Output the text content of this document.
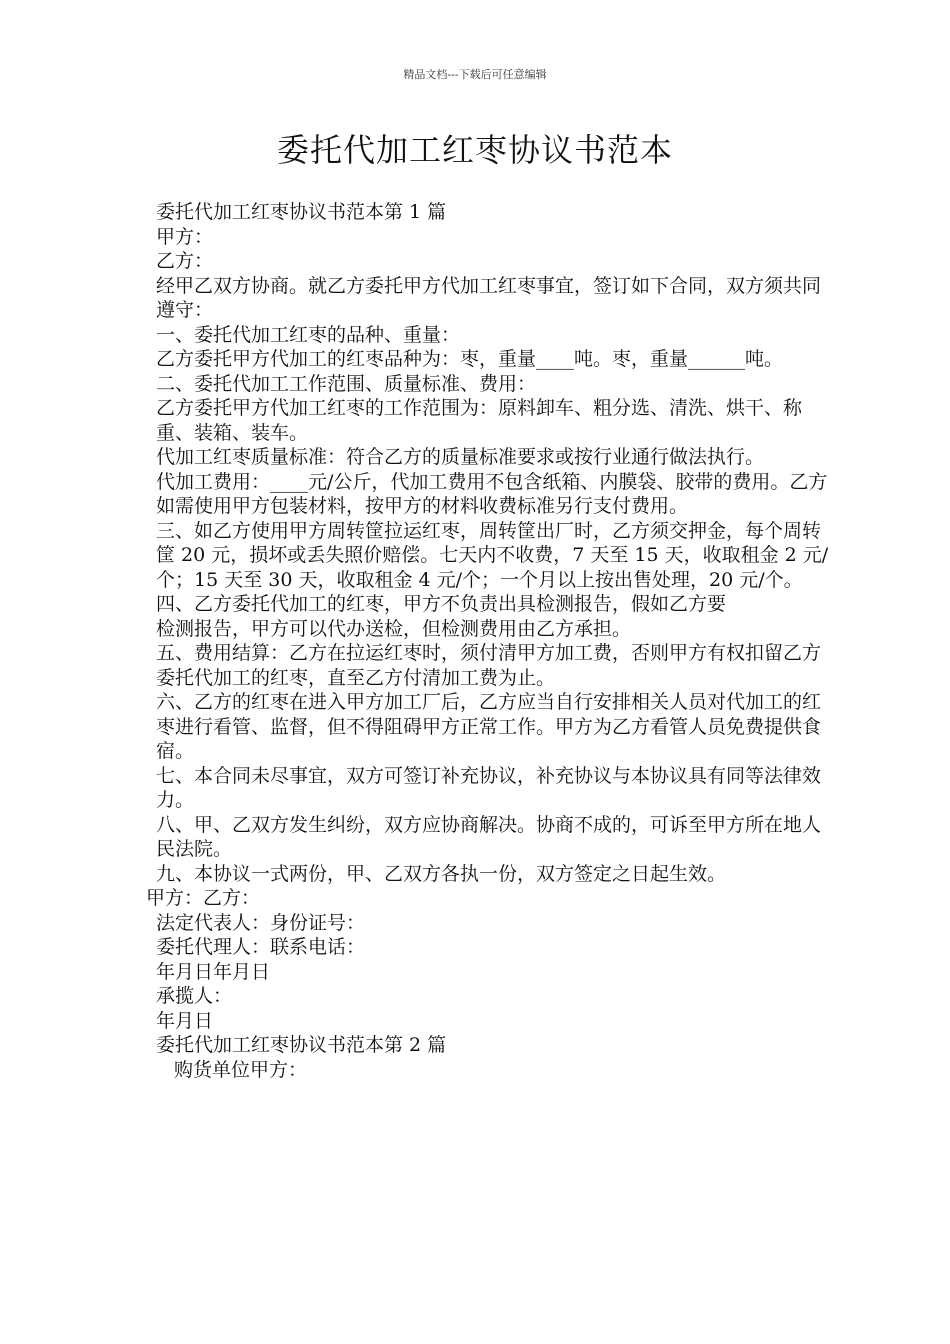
精品文档---下载后可任意编辑
委托代加工红枣协议书范本

委托代加工红枣协议书范本第 1 篇

甲方：

乙方：

经甲乙双方协商。就乙方委托甲方代加工红枣事宜，签订如下合同，双方须共同遵守：

一、委托代加工红枣的品种、重量：

乙方委托甲方代加工的红枣品种为：枣，重量____吨。枣，重量______吨。

二、委托代加工工作范围、质量标准、费用：

乙方委托甲方代加工红枣的工作范围为：原料卸车、粗分选、清洗、烘干、称重、装箱、装车。

代加工红枣质量标准：符合乙方的质量标准要求或按行业通行做法执行。

代加工费用：____元/公斤，代加工费用不包含纸箱、内膜袋、胶带的费用。乙方如需使用甲方包装材料，按甲方的材料收费标准另行支付费用。

三、如乙方使用甲方周转筐拉运红枣，周转筐出厂时，乙方须交押金，每个周转筐 20 元，损坏或丢失照价赔偿。七天内不收费，7 天至 15 天，收取租金 2 元/个；15 天至 30 天，收取租金 4 元/个；一个月以上按出售处理，20 元/个。

四、乙方委托代加工的红枣，甲方不负责出具检测报告，假如乙方要

检测报告，甲方可以代办送检，但检测费用由乙方承担。

五、费用结算：乙方在拉运红枣时，须付清甲方加工费，否则甲方有权扣留乙方委托代加工的红枣，直至乙方付清加工费为止。

六、乙方的红枣在进入甲方加工厂后，乙方应当自行安排相关人员对代加工的红枣进行看管、监督，但不得阻碍甲方正常工作。甲方为乙方看管人员免费提供食宿。

七、本合同未尽事宜，双方可签订补充协议，补充协议与本协议具有同等法律效力。

八、甲、乙双方发生纠纷，双方应协商解决。协商不成的，可诉至甲方所在地人民法院。

九、本协议一式两份，甲、乙双方各执一份，双方签定之日起生效。

甲方：乙方：

法定代表人：身份证号：

委托代理人：联系电话：

年月日年月日

承揽人：

年月日

委托代加工红枣协议书范本第 2 篇

购货单位甲方：
